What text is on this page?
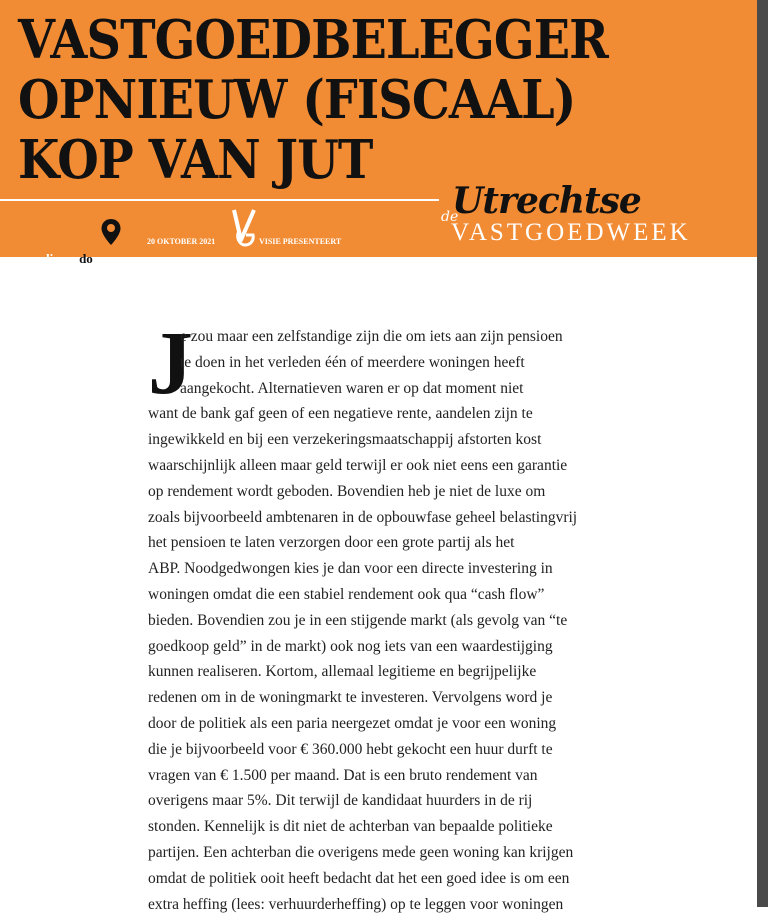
VASTGOEDBELEGGER
OPNIEUW (FISCAAL)
KOP VAN JUT
ma di wo do vr
20 OKTOBER 2021	VISIE PRESENTEERT
de
Utrechtse
VASTGOEDWEEK
J
e zou maar een zelfstandige zijn die om iets aan zijn pensioen
te doen in het verleden één of meerdere woningen heeft
aangekocht. Alternatieven waren er op dat moment niet
want de bank gaf geen of een negatieve rente, aandelen zijn te
ingewikkeld en bij een verzekeringsmaatschappij afstorten kost
waarschijnlijk alleen maar geld terwijl er ook niet eens een garantie
op rendement wordt geboden. Bovendien heb je niet de luxe om
zoals bijvoorbeeld ambtenaren in de opbouwfase geheel belastingvrij
het pensioen te laten verzorgen door een grote partij als het
ABP. Noodgedwongen kies je dan voor een directe investering in
woningen omdat die een stabiel rendement ook qua “cash flow”
bieden. Bovendien zou je in een stijgende markt (als gevolg van “te
goedkoop geld” in de markt) ook nog iets van een waardestijging
kunnen realiseren. Kortom, allemaal legitieme en begrijpelijke
redenen om in de woningmarkt te investeren. Vervolgens word je
door de politiek als een paria neergezet omdat je voor een woning
die je bijvoorbeeld voor € 360.000 hebt gekocht een huur durft te
vragen van € 1.500 per maand. Dat is een bruto rendement van
overigens maar 5%. Dit terwijl de kandidaat huurders in de rij
stonden. Kennelijk is dit niet de achterban van bepaalde politieke
partijen. Een achterban die overigens mede geen woning kan krijgen
omdat de politiek ooit heeft bedacht dat het een goed idee is om een
extra heffing (lees: verhuurderheffing) op te leggen voor woningen
